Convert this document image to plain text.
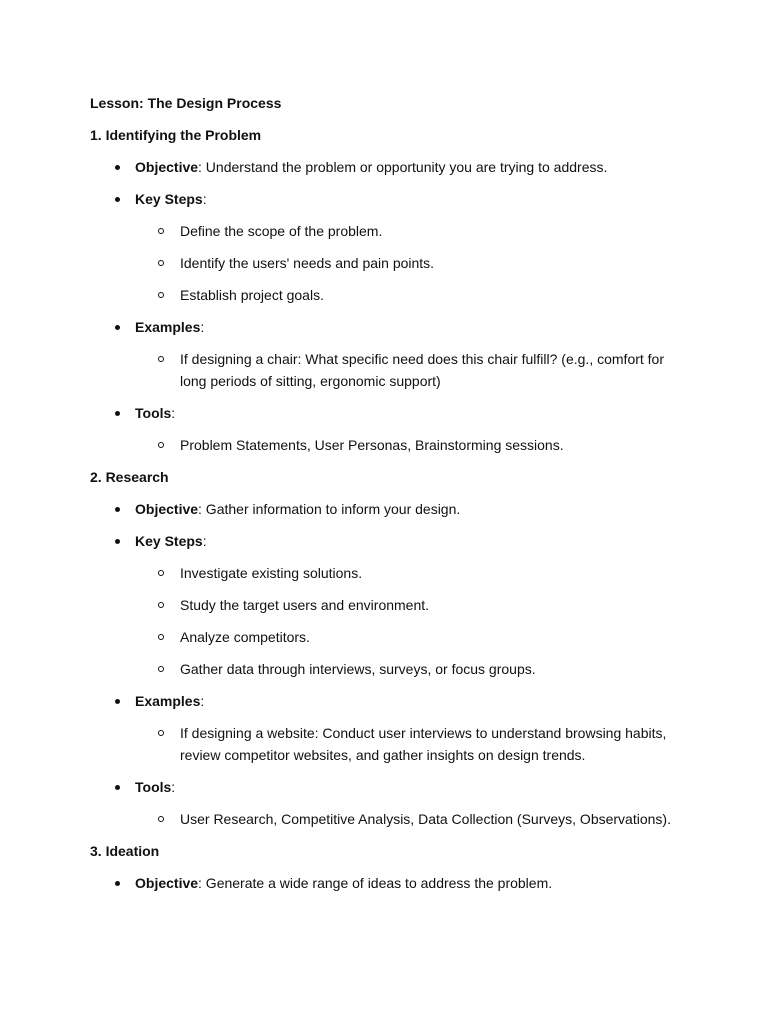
Lesson: The Design Process
1. Identifying the Problem
Objective: Understand the problem or opportunity you are trying to address.
Key Steps:
Define the scope of the problem.
Identify the users' needs and pain points.
Establish project goals.
Examples:
If designing a chair: What specific need does this chair fulfill? (e.g., comfort for long periods of sitting, ergonomic support)
Tools:
Problem Statements, User Personas, Brainstorming sessions.
2. Research
Objective: Gather information to inform your design.
Key Steps:
Investigate existing solutions.
Study the target users and environment.
Analyze competitors.
Gather data through interviews, surveys, or focus groups.
Examples:
If designing a website: Conduct user interviews to understand browsing habits, review competitor websites, and gather insights on design trends.
Tools:
User Research, Competitive Analysis, Data Collection (Surveys, Observations).
3. Ideation
Objective: Generate a wide range of ideas to address the problem.
